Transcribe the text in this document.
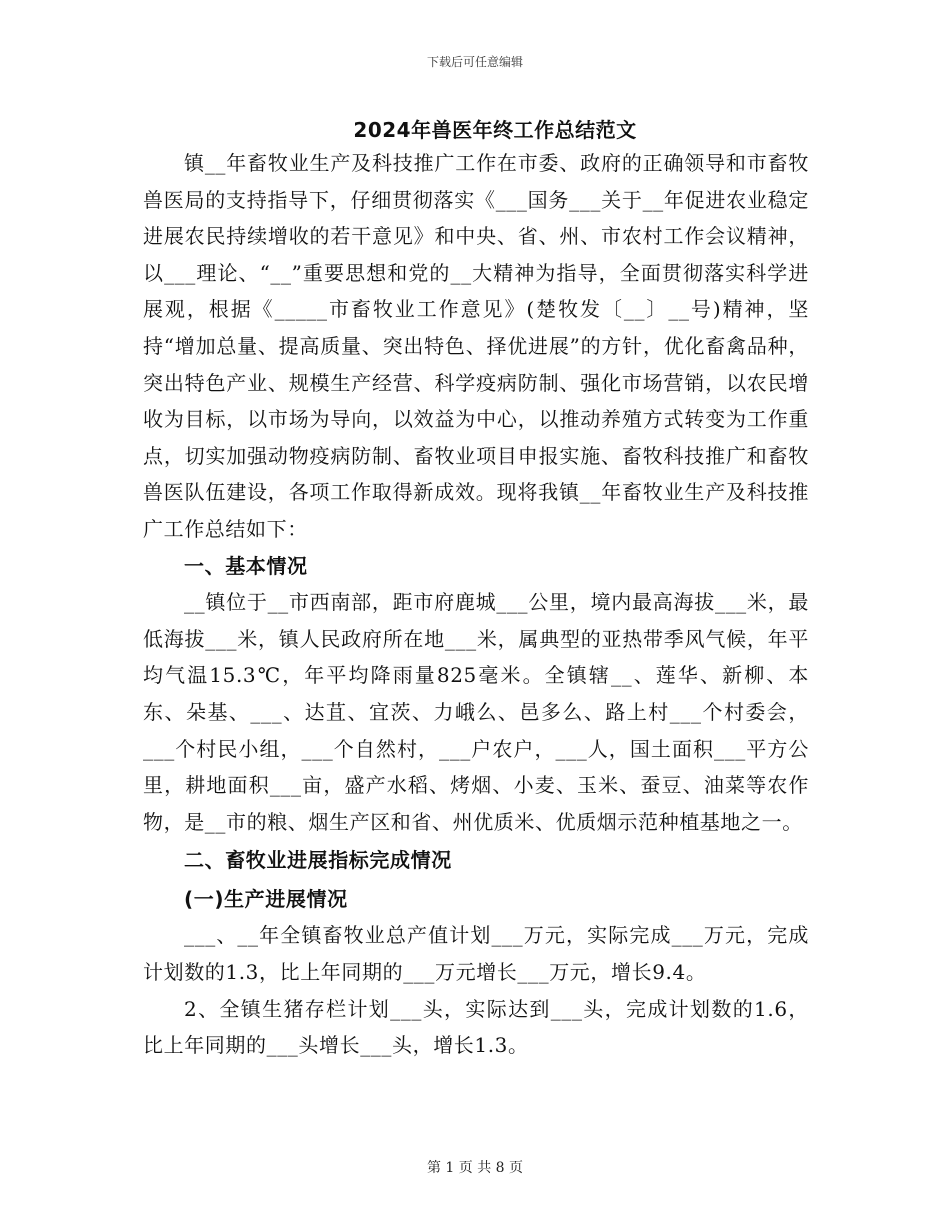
下载后可任意编辑
2024年兽医年终工作总结范文

镇__年畜牧业生产及科技推广工作在市委、政府的正确领导和市畜牧兽医局的支持指导下，仔细贯彻落实《___国务___关于__年促进农业稳定进展农民持续增收的若干意见》和中央、省、州、市农村工作会议精神，以___理论、“__”重要思想和党的__大精神为指导，全面贯彻落实科学进展观，根据《_____市畜牧业工作意见》(楚牧发〔__〕__号)精神，坚持“增加总量、提高质量、突出特色、择优进展”的方针，优化畜禽品种，突出特色产业、规模生产经营、科学疫病防制、强化市场营销，以农民增收为目标，以市场为导向，以效益为中心，以推动养殖方式转变为工作重点，切实加强动物疫病防制、畜牧业项目申报实施、畜牧科技推广和畜牧兽医队伍建设，各项工作取得新成效。现将我镇__年畜牧业生产及科技推广工作总结如下：

一、基本情况

__镇位于__市西南部，距市府鹿城___公里，境内最高海拔___米，最低海拔___米，镇人民政府所在地___米，属典型的亚热带季风气候，年平均气温15.3℃，年平均降雨量825毫米。全镇辖__、莲华、新柳、本东、朵基、___、达苴、宜茨、力峨么、邑多么、路上村___个村委会，___个村民小组，___个自然村，___户农户，___人，国土面积___平方公里，耕地面积___亩，盛产水稻、烤烟、小麦、玉米、蚕豆、油菜等农作物，是__市的粮、烟生产区和省、州优质米、优质烟示范种植基地之一。

二、畜牧业进展指标完成情况

(一)生产进展情况

___、__年全镇畜牧业总产值计划___万元，实际完成___万元，完成计划数的1.3，比上年同期的___万元增长___万元，增长9.4。

2、全镇生猪存栏计划___头，实际达到___头，完成计划数的1.6，比上年同期的___头增长___头，增长1.3。

第 1 页 共 8 页
